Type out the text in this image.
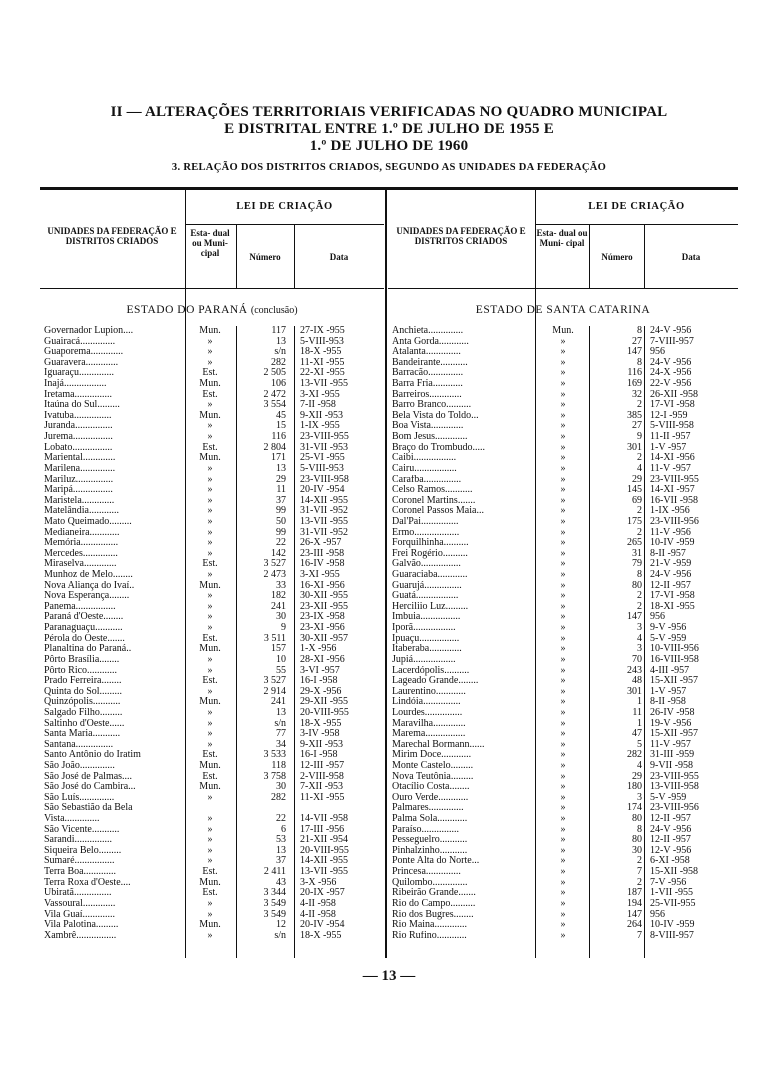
II — ALTERAÇÕES TERRITORIAIS VERIFICADAS NO QUADRO MUNICIPAL
E DISTRITAL ENTRE 1.º DE JULHO DE 1955 E
1.º DE JULHO DE 1960
3. RELAÇÃO DOS DISTRITOS CRIADOS, SEGUNDO AS UNIDADES DA FEDERAÇÃO
LEI DE CRIAÇÃO
UNIDADES DA FEDERAÇÃO E DISTRITOS CRIADOS
Esta- dual ou Muni- cipal	Número	Data
ESTADO DO PARANÁ (conclusão)
Governador Lupion....	Mun.	117 27-IX -955
Guairacá..............	»	13 5-VIII-953
Guaporema.............	»	s/n 18-X -955
Guaravera.............	»	282 11-XI -955
Iguaraçu..............	Est.	2 505 22-XI -955
Inajá.................	Mun.	106 13-VII -955
Iretama...............	Est.	2 472 3-XI -955
Itaúna do Sul.........	»	3 554 7-II -958
Ivatuba...............	Mun.	45 9-XII -953
Juranda...............	»	15 1-IX -955
Jurema................	»	116 23-VIII-955
Lobato................	Est.	2 804 31-VII -953
Mariental.............	Mun.	171 25-VI -955
Marilena..............	»	13 5-VIII-953
Mariluz...............	»	29 23-VIII-958
Maripá................	»	11 20-IV -954
Maristela.............	»	37 14-XII -955
Matelândia............	»	99 31-VII -952
Mato Queimado.........	»	50 13-VII -955
Medianeira............	»	99 31-VII -952
Memória...............	»	22 26-X -957
Mercedes..............	»	142 23-III -958
Miraselva.............	Est.	3 527 16-IV -958
Munhoz de Melo........	»	2 473 3-XI -955
Nova Aliança do Ivaí..	Mun.	33 16-XI -956
Nova Esperança........	»	182 30-XII -955
Panema................	»	241 23-XII -955
Paraná d'Oeste........	»	30 23-IX -958
Paranaguaçu...........	»	9 23-XI -956
Pérola do Oeste.......	Est.	3 511 30-XII -957
Planaltina do Paraná..	Mun.	157 1-X -956
Pôrto Brasília........	»	10 28-XI -956
Pôrto Rico............	»	55 3-VI -957
Prado Ferreira........	Est.	3 527 16-I -958
Quinta do Sol.........	»	2 914 29-X -956
Quinzópolis...........	Mun.	241 29-XII -955
Salgado Filho.........	»	13 20-VIII-955
Saltinho d'Oeste......	»	s/n 18-X -955
Santa Maria...........	»	77 3-IV -958
Santana...............	»	34 9-XII -953
Santo Antônio do Iratim	Est.	3 533 16-I -958
São João..............	Mun.	118 12-III -957
São José de Palmas....	Est.	3 758 2-VIII-958
São José do Cambira...	Mun.	30 7-XII -953
São Luís..............	»	282 11-XI -955
São Sebastião da Bela
Vista..............	»	22 14-VII -958
São Vicente...........	»	6 17-III -956
Sarandi...............	»	53 21-XII -954
Siqueira Belo.........	»	13 20-VIII-955
Sumaré................	»	37 14-XII -955
Terra Boa.............	Est.	2 411 13-VII -955
Terra Roxa d'Oeste....	Mun.	43 3-X -956
Ubiratã...............	Est.	3 344 20-IX -957
Vassoural.............	»	3 549 4-II -958
Vila Guaí.............	»	3 549 4-II -958
Vila Palotina.........	Mun.	12 20-IV -954
Xambrê................	»	s/n 18-X -955
LEI DE CRIAÇÃO
UNIDADES DA FEDERAÇÃO E DISTRITOS CRIADOS
Esta- dual ou Muni- cipal
Número	Data
ESTADO DE SANTA CATARINA
Anchieta..............	Mun.	8 24-V -956
Anta Gorda............	»	27 7-VIII-957
Atalanta..............	»	147 956
Bandeirante...........	»	8 24-V -956
Barracão..............	»	116 24-X -956
Barra Fria............	»	169 22-V -956
Barreiros.............	»	32 26-XII -958
Barro Branco..........	»	2 17-VI -958
Bela Vista do Toldo...	»	385 12-I -959
Boa Vista.............	»	27 5-VIII-958
Bom Jesus.............	»	9 11-II -957
Braço do Trombudo.....	»	301 1-V -957
Caibi.................	»	2 14-XI -956
Cairu.................	»	4 11-V -957
Carafba...............	»	29 23-VIII-955
Celso Ramos...........	»	145 14-XI -957
Coronel Martins.......	»	69 16-VII -958
Coronel Passos Maia...	»	2 1-IX -956
Dal'Pai...............	»	175 23-VIII-956
Ermo..................	»	2 11-V -956
Forquilhinha..........	»	265 10-IV -959
Frei Rogério..........	»	31 8-II -957
Galvão................	»	79 21-V -959
Guaraciaba............	»	8 24-V -956
Guarujá...............	»	80 12-II -957
Guatá.................	»	2 17-VI -958
Herciliio Luz.........	»	2 18-XI -955
Imbuia................	»	147 956
Iporã.................	»	3 9-V -956
Ipuaçu................	»	4 5-V -959
Itaberaba.............	»	3 10-VIII-956
Jupiá.................	»	70 16-VIII-958
Lacerdópolis..........	»	243 4-III -957
Lageado Grande........	»	48 15-XII -957
Laurentino............	»	301 1-V -957
Lindóia...............	»	1 8-II -958
Lourdes...............	»	11 26-IV -958
Maravilha.............	»	1 19-V -956
Marema................	»	47 15-XII -957
Marechal Bormann......	»	5 11-V -957
Mirim Doce............	»	282 31-III -959
Monte Castelo.........	»	4 9-VII -958
Nova Teutônia.........	»	29 23-VIII-955
Otacílio Costa........	»	180 13-VIII-958
Ouro Verde............	»	3 5-V -959
Palmares..............	»	174 23-VIII-956
Palma Sola............	»	80 12-II -957
Paraíso...............	»	8 24-V -956
Pesseguelro...........	»	80 12-II -957
Pinhalzinho...........	»	30 12-V -956
Ponte Alta do Norte...	»	2 6-XI -958
Princesa..............	»	7 15-XII -958
Quilombo..............	»	2 7-V -956
Ribeirão Grande.......	»	187 1-VII -955
Rio do Campo..........	»	194 25-VII-955
Rio dos Bugres........	»	147 956
Rio Maina.............	»	264 10-IV -959
Rio Rufino............	»	7 8-VIII-957
— 13 —
